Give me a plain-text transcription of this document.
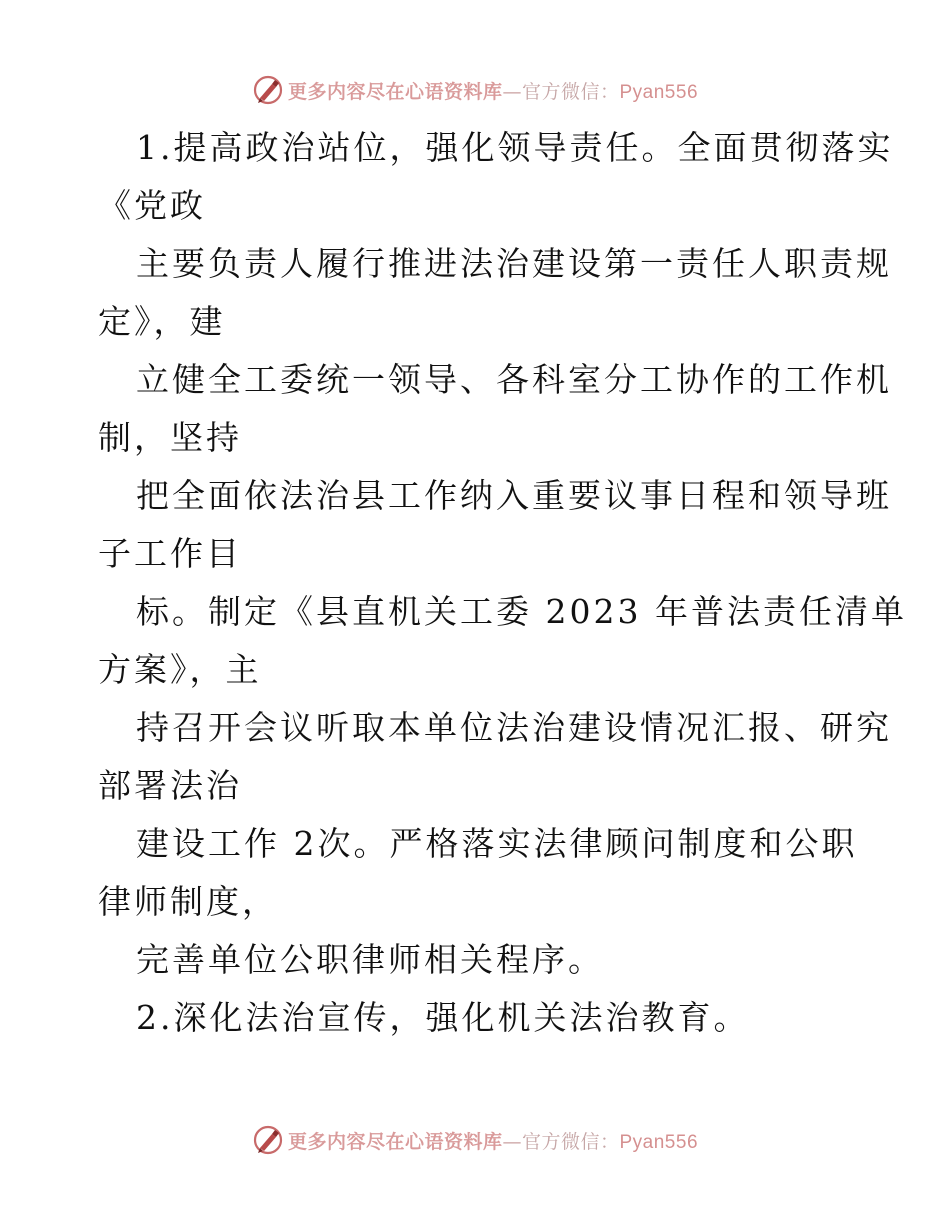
更多内容尽在心语资料库—官方微信：Pyan556
1.提高政治站位，强化领导责任。全面贯彻落实
《党政
主要负责人履行推进法治建设第一责任人职责规
定》，建
立健全工委统一领导、各科室分工协作的工作机
制，坚持
把全面依法治县工作纳入重要议事日程和领导班
子工作目
标。制定《县直机关工委 2023 年普法责任清单
方案》，主
持召开会议听取本单位法治建设情况汇报、研究
部署法治
建设工作 2次。严格落实法律顾问制度和公职
律师制度，
完善单位公职律师相关程序。
2.深化法治宣传，强化机关法治教育。
更多内容尽在心语资料库—官方微信：Pyan556
